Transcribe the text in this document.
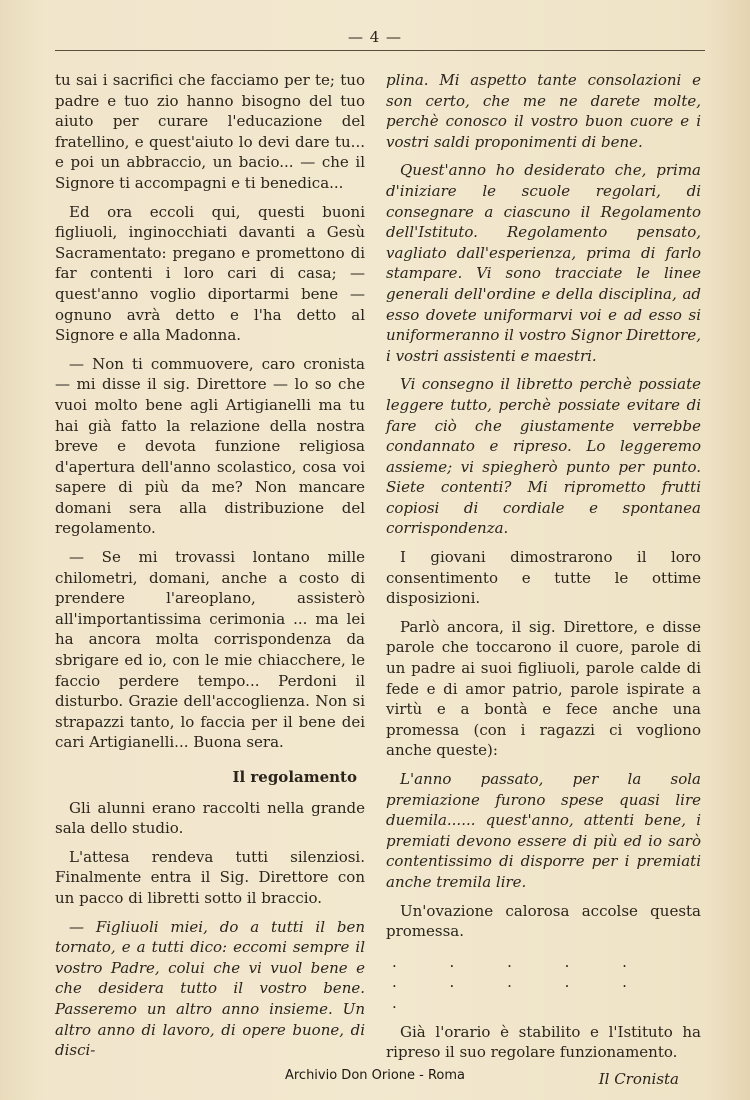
— 4 —

tu sai i sacrifici che facciamo per te; tuo padre e tuo zio hanno bisogno del tuo aiuto per curare l'educazione del fratellino, e quest'aiuto lo devi dare tu... e poi un abbraccio, un bacio... — che il Signore ti accompagni e ti benedica...

Ed ora eccoli qui, questi buoni figliuoli, inginocchiati davanti a Gesù Sacramentato: pregano e promettono di far contenti i loro cari di casa; — quest'anno voglio diportarmi bene — ognuno avrà detto e l'ha detto al Signore e alla Madonna.

— Non ti commuovere, caro cronista — mi disse il sig. Direttore — lo so che vuoi molto bene agli Artigianelli ma tu hai già fatto la relazione della nostra breve e devota funzione religiosa d'apertura dell'anno scolastico, cosa voi sapere di più da me? Non mancare domani sera alla distribuzione del regolamento.

— Se mi trovassi lontano mille chilometri, domani, anche a costo di prendere l'areoplano, assisterò all'importantissima cerimonia ... ma lei ha ancora molta corrispondenza da sbrigare ed io, con le mie chiacchere, le faccio perdere tempo... Perdoni il disturbo. Grazie dell'accoglienza. Non si strapazzi tanto, lo faccia per il bene dei cari Artigianelli... Buona sera.

Il regolamento

Gli alunni erano raccolti nella grande sala dello studio.

L'attesa rendeva tutti silenziosi. Finalmente entra il Sig. Direttore con un pacco di libretti sotto il braccio.

— Figliuoli miei, do a tutti il ben tornato, e a tutti dico: eccomi sempre il vostro Padre, colui che vi vuol bene e che desidera tutto il vostro bene. Passeremo un altro anno insieme. Un altro anno di lavoro, di opere buone, di disci-

plina. Mi aspetto tante consolazioni e son certo, che me ne darete molte, perchè conosco il vostro buon cuore e i vostri saldi proponimenti di bene.

Quest'anno ho desiderato che, prima d'iniziare le scuole regolari, di consegnare a ciascuno il Regolamento dell'Istituto. Regolamento pensato, vagliato dall'esperienza, prima di farlo stampare. Vi sono tracciate le linee generali dell'ordine e della disciplina, ad esso dovete uniformarvi voi e ad esso si uniformeranno il vostro Signor Direttore, i vostri assistenti e maestri.

Vi consegno il libretto perchè possiate leggere tutto, perchè possiate evitare di fare ciò che giustamente verrebbe condannato e ripreso. Lo leggeremo assieme; vi spiegherò punto per punto. Siete contenti? Mi riprometto frutti copiosi di cordiale e spontanea corrispondenza.

I giovani dimostrarono il loro consentimento e tutte le ottime disposizioni.

Parlò ancora, il sig. Direttore, e disse parole che toccarono il cuore, parole di un padre ai suoi figliuoli, parole calde di fede e di amor patrio, parole ispirate a virtù e a bontà e fece anche una promessa (con i ragazzi ci vogliono anche queste):

L'anno passato, per la sola premiazione furono spese quasi lire duemila...... quest'anno, attenti bene, i premiati devono essere di più ed io sarò contentissimo di disporre per i premiati anche tremila lire.

Un'ovazione calorosa accolse questa promessa.

. . . . . . . . . . .

Già l'orario è stabilito e l'Istituto ha ripreso il suo regolare funzionamento.

Il Cronista
Archivio Don Orione - Roma
